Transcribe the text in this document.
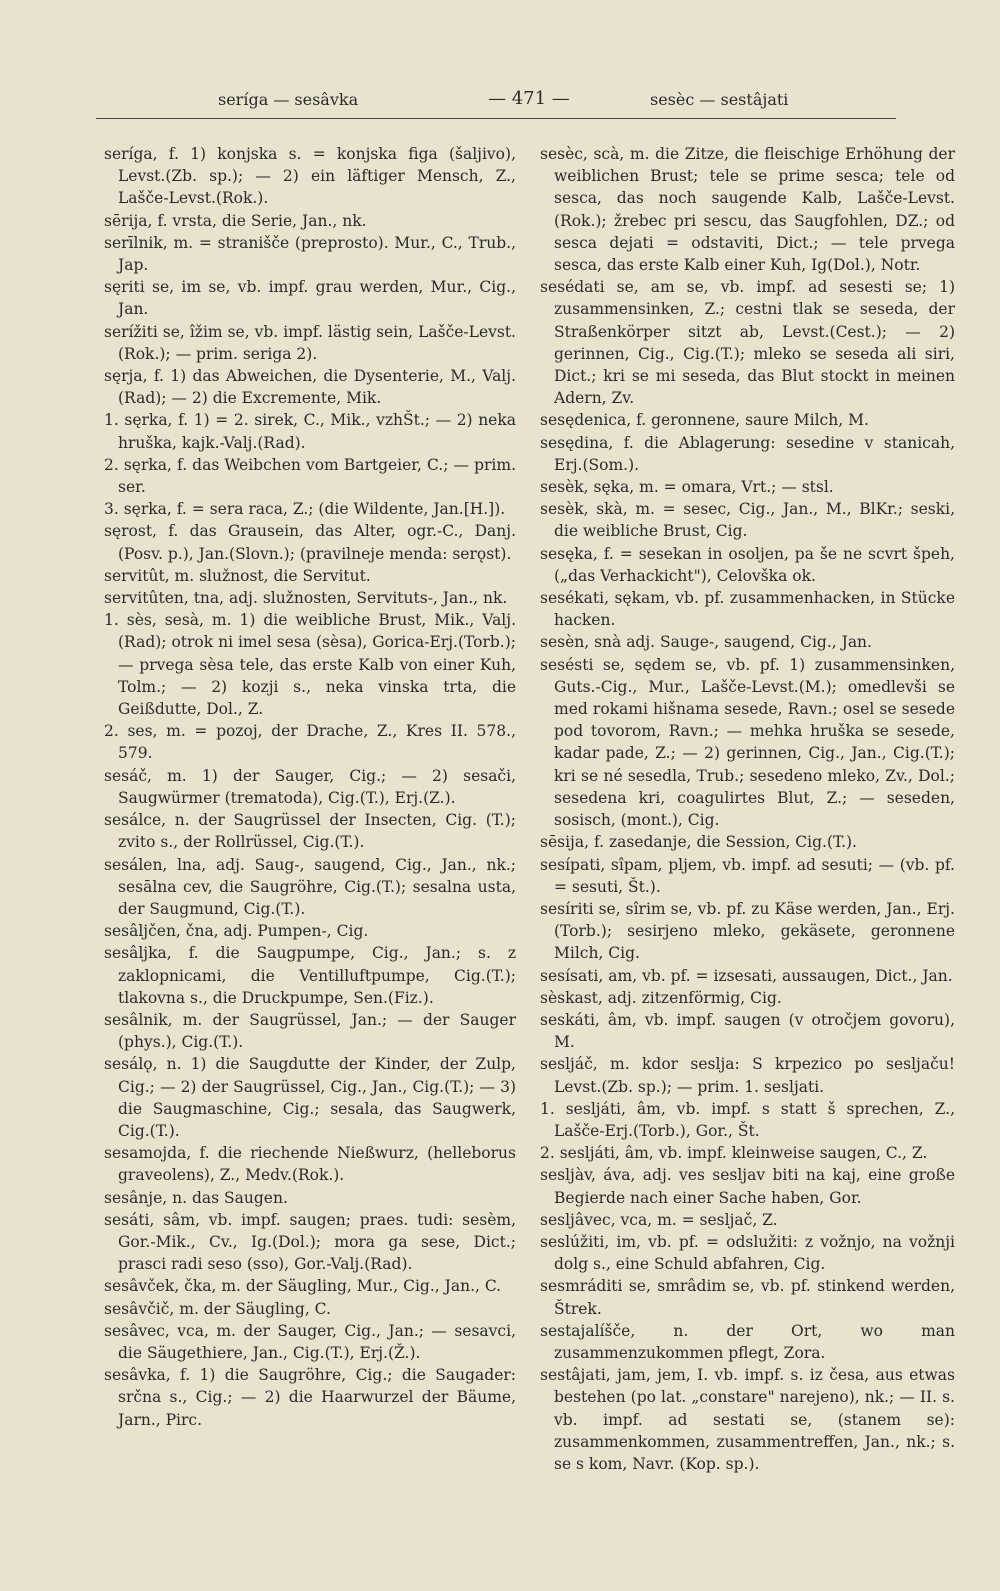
seríga — sesâvka	— 471 —	sesèc — sestâjati

seríga, f. 1) konjska s. = konjska figa (šaljivo), Levst.(Zb. sp.); — 2) ein läftiger Mensch, Z., Lašče-Levst.(Rok.).

sērija, f. vrsta, die Serie, Jan., nk.

serīlnik, m. = stranišče (preprosto). Mur., C., Trub., Jap.

sęriti se, im se, vb. impf. grau werden, Mur., Cig., Jan.

serížiti se, îžim se, vb. impf. lästig sein, Lašče-Levst.(Rok.); — prim. seriga 2).

sęrja, f. 1) das Abweichen, die Dysenterie, M., Valj.(Rad); — 2) die Excremente, Mik.

1. sęrka, f. 1) = 2. sirek, C., Mik., vzhŠt.; — 2) neka hruška, kajk.-Valj.(Rad).

2. sęrka, f. das Weibchen vom Bartgeier, C.; — prim. ser.

3. sęrka, f. = sera raca, Z.; (die Wildente, Jan.[H.]).

sęrost, f. das Grausein, das Alter, ogr.-C., Danj.(Posv. p.), Jan.(Slovn.); (pravilneje menda: serǫst).

servitût, m. služnost, die Servitut.

servitûten, tna, adj. služnosten, Servituts-, Jan., nk.

1. sès, sesà, m. 1) die weibliche Brust, Mik., Valj.(Rad); otrok ni imel sesa (sèsa), Gorica-Erj.(Torb.); — prvega sèsa tele, das erste Kalb von einer Kuh, Tolm.; — 2) kozji s., neka vinska trta, die Geißdutte, Dol., Z.

2. ses, m. = pozoj, der Drache, Z., Kres II. 578., 579.

sesáč, m. 1) der Sauger, Cig.; — 2) sesači, Saugwürmer (trematoda), Cig.(T.), Erj.(Z.).

sesálce, n. der Saugrüssel der Insecten, Cig. (T.); zvito s., der Rollrüssel, Cig.(T.).

sesálen, lna, adj. Saug-, saugend, Cig., Jan., nk.; sesālna cev, die Saugröhre, Cig.(T.); sesalna usta, der Saugmund, Cig.(T.).

sesâljčen, čna, adj. Pumpen-, Cig.

sesâljka, f. die Saugpumpe, Cig., Jan.; s. z zaklopnicami, die Ventilluftpumpe, Cig.(T.); tlakovna s., die Druckpumpe, Sen.(Fiz.).

sesâlnik, m. der Saugrüssel, Jan.; — der Sauger (phys.), Cig.(T.).

sesálǫ, n. 1) die Saugdutte der Kinder, der Zulp, Cig.; — 2) der Saugrüssel, Cig., Jan., Cig.(T.); — 3) die Saugmaschine, Cig.; sesala, das Saugwerk, Cig.(T.).

sesamojda, f. die riechende Nießwurz, (helleborus graveolens), Z., Medv.(Rok.).

sesânje, n. das Saugen.

sesáti, sâm, vb. impf. saugen; praes. tudi: sesèm, Gor.-Mik., Cv., Ig.(Dol.); mora ga sese, Dict.; prasci radi seso (sso), Gor.-Valj.(Rad).

sesâvček, čka, m. der Säugling, Mur., Cig., Jan., C.

sesâvčič, m. der Säugling, C.

sesâvec, vca, m. der Sauger, Cig., Jan.; — sesavci, die Säugethiere, Jan., Cig.(T.), Erj.(Ž.).

sesâvka, f. 1) die Saugröhre, Cig.; die Saugader: srčna s., Cig.; — 2) die Haarwurzel der Bäume, Jarn., Pirc.

sesèc, scà, m. die Zitze, die fleischige Erhöhung der weiblichen Brust; tele se prime sesca; tele od sesca, das noch saugende Kalb, Lašče-Levst.(Rok.); žrebec pri sescu, das Saugfohlen, DZ.; od sesca dejati = odstaviti, Dict.; — tele prvega sesca, das erste Kalb einer Kuh, Ig(Dol.), Notr.

sesédati se, am se, vb. impf. ad sesesti se; 1) zusammensinken, Z.; cestni tlak se seseda, der Straßenkörper sitzt ab, Levst.(Cest.); — 2) gerinnen, Cig., Cig.(T.); mleko se seseda ali siri, Dict.; kri se mi seseda, das Blut stockt in meinen Adern, Zv.

sesędenica, f. geronnene, saure Milch, M.

sesędina, f. die Ablagerung: sesedine v stanicah, Erj.(Som.).

sesèk, sęka, m. = omara, Vrt.; — stsl.

sesèk, skà, m. = sesec, Cig., Jan., M., BlKr.; seski, die weibliche Brust, Cig.

sesęka, f. = sesekan in osoljen, pa še ne scvrt špeh, („das Verhackicht"), Celovška ok.

sesékati, sękam, vb. pf. zusammenhacken, in Stücke hacken.

sesèn, snà adj. Sauge-, saugend, Cig., Jan.

sesésti se, sędem se, vb. pf. 1) zusammensinken, Guts.-Cig., Mur., Lašče-Levst.(M.); omedlevši se med rokami hišnama sesede, Ravn.; osel se sesede pod tovorom, Ravn.; — mehka hruška se sesede, kadar pade, Z.; — 2) gerinnen, Cig., Jan., Cig.(T.); kri se né sesedla, Trub.; sesedeno mleko, Zv., Dol.; sesedena kri, coagulirtes Blut, Z.; — seseden, sosisch, (mont.), Cig.

sēsija, f. zasedanje, die Session, Cig.(T.).

sesípati, sîpam, pljem, vb. impf. ad sesuti; — (vb. pf. = sesuti, Št.).

sesíriti se, sîrim se, vb. pf. zu Käse werden, Jan., Erj.(Torb.); sesirjeno mleko, gekäsete, geronnene Milch, Cig.

sesísati, am, vb. pf. = izsesati, aussaugen, Dict., Jan.

sèskast, adj. zitzenförmig, Cig.

seskáti, âm, vb. impf. saugen (v otročjem govoru), M.

sesljáč, m. kdor seslja: S krpezico po sesljaču! Levst.(Zb. sp.); — prim. 1. sesljati.

1. sesljáti, âm, vb. impf. s statt š sprechen, Z., Lašče-Erj.(Torb.), Gor., Št.

2. sesljáti, âm, vb. impf. kleinweise saugen, C., Z.

sesljàv, áva, adj. ves sesljav biti na kaj, eine große Begierde nach einer Sache haben, Gor.

sesljâvec, vca, m. = sesljač, Z.

seslúžiti, im, vb. pf. = odslužiti: z vožnjo, na vožnji dolg s., eine Schuld abfahren, Cig.

sesmráditi se, smrâdim se, vb. pf. stinkend werden, Štrek.

sestajalíšče, n. der Ort, wo man zusammenzukommen pflegt, Zora.

sestâjati, jam, jem, I. vb. impf. s. iz česa, aus etwas bestehen (po lat. „constare" narejeno), nk.; — II. s. vb. impf. ad sestati se, (stanem se): zusammenkommen, zusammentreffen, Jan., nk.; s. se s kom, Navr. (Kop. sp.).
